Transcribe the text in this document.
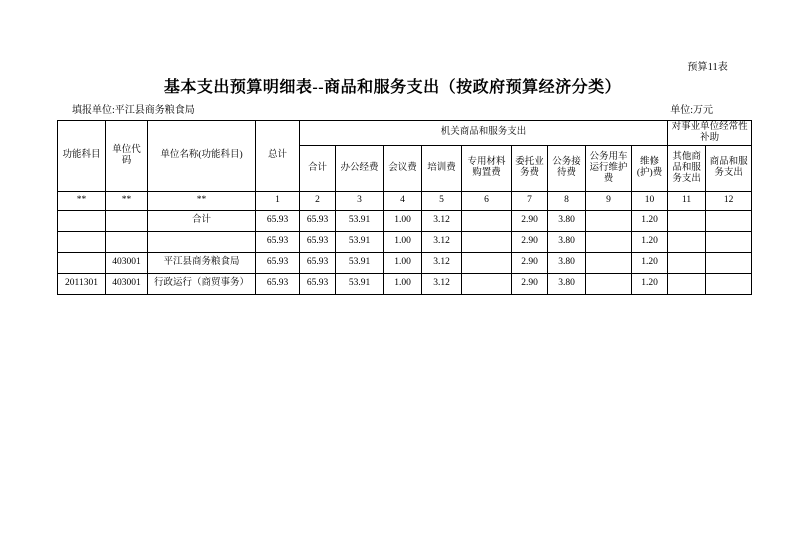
预算11表
基本支出预算明细表--商品和服务支出（按政府预算经济分类）
填报单位:平江县商务粮食局	单位:万元
功能科目	单位代码	单位名称(功能科目)	总计	机关商品和服务支出									对事业单位经常性补助	
				合计	办公经费	会议费	培训费	专用材料购置费	委托业务费	公务接待费	公务用车运行维护费	维修(护)费	其他商品和服务支出	商品和服务支出
**	**	**	1	2	3	4	5	6	7	8	9	10	11	12
		合计	65.93	65.93	53.91	1.00	3.12		2.90	3.80		1.20		
			65.93	65.93	53.91	1.00	3.12		2.90	3.80		1.20		
	403001	平江县商务粮食局	65.93	65.93	53.91	1.00	3.12		2.90	3.80		1.20		
2011301	403001	行政运行（商贸事务）	65.93	65.93	53.91	1.00	3.12		2.90	3.80		1.20		
